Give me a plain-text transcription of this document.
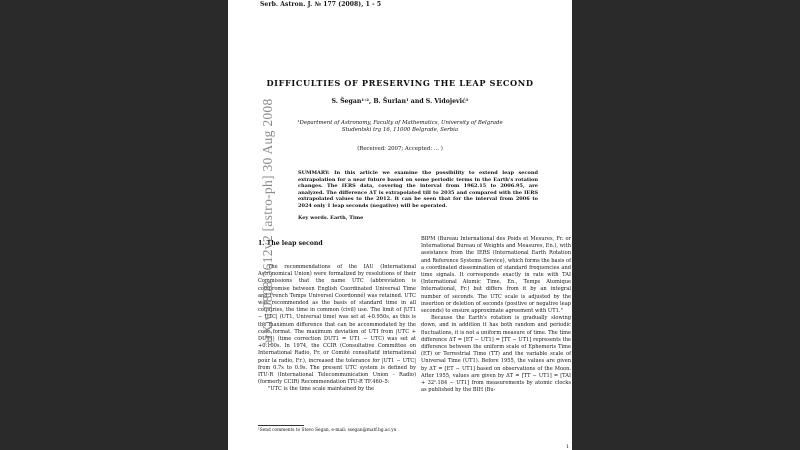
Serb. Astron. J. № 177 (2008), 1 - 5
DIFFICULTIES OF PRESERVING THE LEAP SECOND
S. Šegan¹˒², B. Šurlan¹ and S. Vidojević¹
¹Department of Astronomy, Faculty of Mathematics, University of Belgrade
Studentski trg 16, 11000 Belgrade, Serbia
(Received: 2007; Accepted: ... )
SUMMARY: In this article we examine the possibility to extend leap second extrapolation for a near future based on some periodic terms in the Earth's rotation changes. The IERS data, covering the interval from 1962.15 to 2006.95, are analyzed. The difference ΔT is extrapolated till to 2035 and compared with the IERS extrapolated values to the 2012. It can be seen that for the interval from 2006 to 2024 only 1 leap seconds (negative) will be operated.
Key words. Earth, Time
1. The leap second

The recommendations of the IAU (International Astronomical Union) were formalized by resolutions of their Commissions that the name UTC (abbreviation is compromise between English Coordinated Universal Time and French Temps Universel Coordonné) was retained. UTC was recommended as the basis of standard time in all countries, the time in common (civil) use. The limit of |UT1 − UTC| (UT1, Universal time) was set at +0.950s, as this is the maximum difference that can be accommodated by the code format. The maximum deviation of UTI from |UTC + DUT1| (time correction DUT1 = UT1 − UTC) was set at +0.100s. In 1974, the CCIR (Consultative Committee on International Radio, Fr. or Comité consultatif international pour la radio, Fr.), increased the tolerance for |UT1 − UTC| from 0.7s to 0.9s. The present UTC system is defined by ITU-R (International Telecommunication Union - Radio) (formerly CCIR) Recommendation ITU-R TF.460–5:

"UTC is the time scale maintained by the

BIPM (Bureau International des Poids et Mesures, Fr. or International Bureau of Weights and Measures, En.), with assistance from the IERS (International Earth Rotation and Reference Systems Service), which forms the basis of a coordinated dissemination of standard frequencies and time signals. It corresponds exactly in rate with TAI (International Atomic Time, En., Temps Atomique International, Fr.) but differs from it by an integral number of seconds. The UTC scale is adjusted by the insertion or deletion of seconds (positive or negative leap seconds) to ensure approximate agreement with UT1."

Because the Earth's rotation is gradually slowing down, and in addition it has both random and periodic fluctuations, it is not a uniform measure of time. The time difference ΔT = [ET − UT1] = [TT − UT1] represents the difference between the uniform scale of Ephemeris Time (ET) or Terrestrial Time (TT) and the variable scale of Universal Time (UT1). Before 1955, the values are given by ΔT = [ET − UT1] based on observations of the Moon. After 1955, values are given by ΔT = [TT − UT1] = [TAI + 32ˢ.184 − UT1] from measurements by atomic clocks as published by the BIH (Bu-

¹Send comments to Stevo Segan, e-mail: ssegan@matf.bg.ac.yu
1
arXiv:0808.3612v2 [astro-ph] 30 Aug 2008
